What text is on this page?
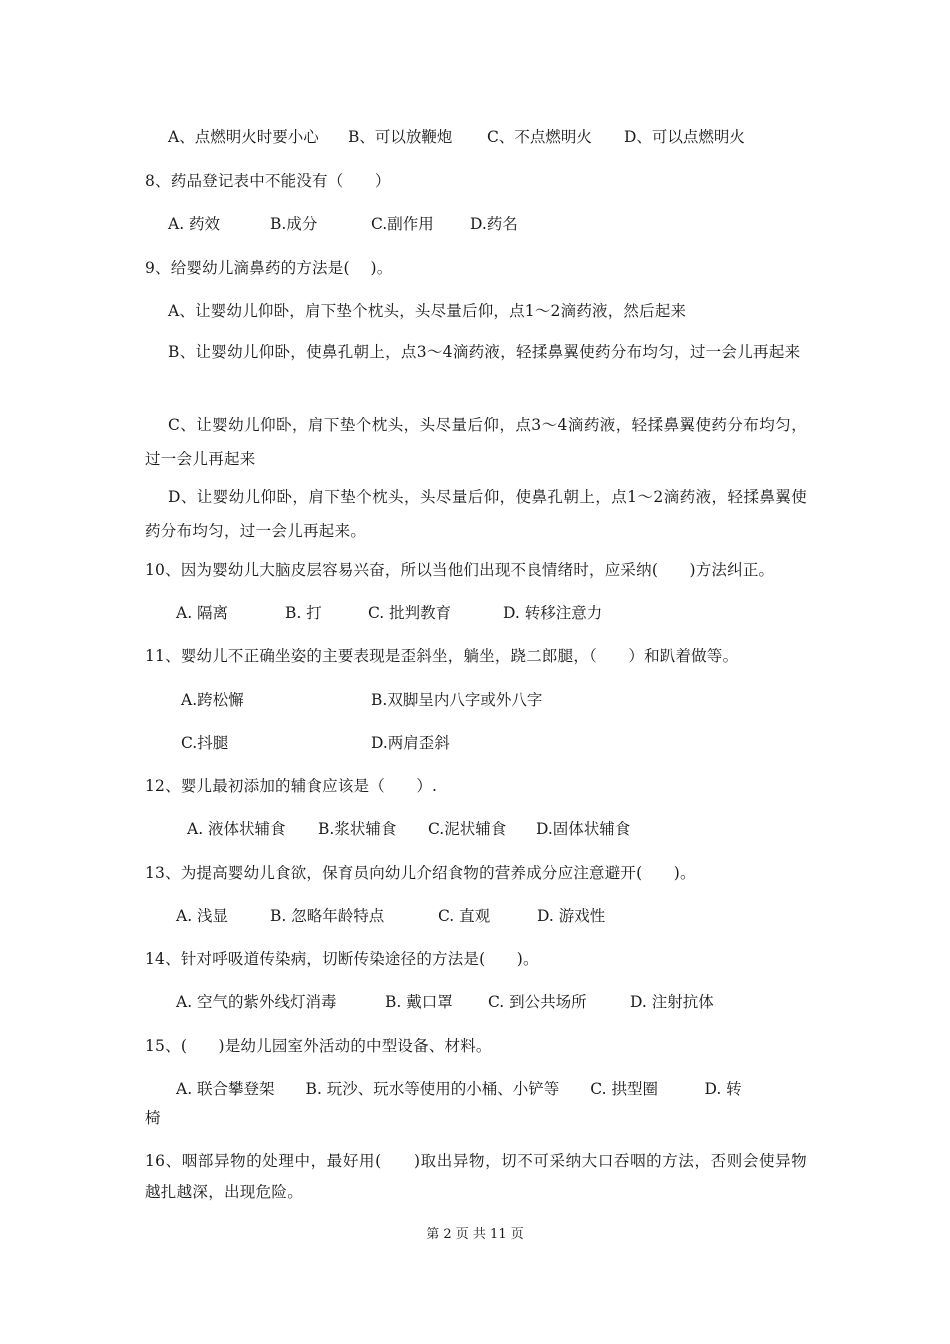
A、点燃明火时要小心 B、可以放鞭炮 C、不点燃明火 D、可以点燃明火
8、药品登记表中不能没有（　　）
A. 药效	B.成分	C.副作用 D.药名
9、给婴幼儿滴鼻药的方法是(　 )。
A、让婴幼儿仰卧，肩下垫个枕头，头尽量后仰，点1～2滴药液，然后起来
B、让婴幼儿仰卧，使鼻孔朝上，点3～4滴药液，轻揉鼻翼使药分布均匀，过一会儿再起来
C、让婴幼儿仰卧，肩下垫个枕头，头尽量后仰，点3～4滴药液，轻揉鼻翼使药分布均匀，过一会儿再起来
D、让婴幼儿仰卧，肩下垫个枕头，头尽量后仰，使鼻孔朝上，点1～2滴药液，轻揉鼻翼使药分布均匀，过一会儿再起来。
10、因为婴幼儿大脑皮层容易兴奋，所以当他们出现不良情绪时，应采纳(　　)方法纠正。
A. 隔离	B. 打	C. 批判教育	D. 转移注意力
11、婴幼儿不正确坐姿的主要表现是歪斜坐，躺坐，跷二郎腿，（　　）和趴着做等。
A.跨松懈	B.双脚呈内八字或外八字
C.抖腿	D.两肩歪斜
12、婴儿最初添加的辅食应该是（　　）.
A. 液体状辅食 B.浆状辅食 C.泥状辅食 D.固体状辅食
13、为提高婴幼儿食欲，保育员向幼儿介绍食物的营养成分应注意避开(　　)。
A. 浅显	B. 忽略年龄特点	C. 直观	D. 游戏性
14、针对呼吸道传染病，切断传染途径的方法是(　　)。
A. 空气的紫外线灯消毒	B. 戴口罩 C. 到公共场所	D. 注射抗体
15、(　　)是幼儿园室外活动的中型设备、材料。
A. 联合攀登架　　B. 玩沙、玩水等使用的小桶、小铲等　　C. 拱型圈　　　D. 转
椅
16、咽部异物的处理中，最好用(　　)取出异物，切不可采纳大口吞咽的方法，否则会使异物越扎越深，出现危险。
第 2 页 共 11 页
